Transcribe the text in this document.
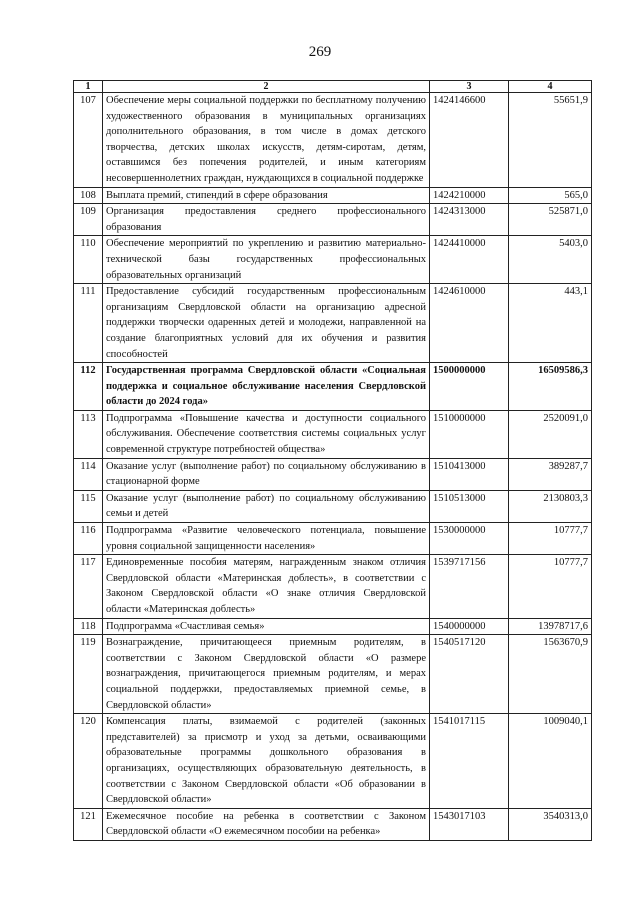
269
1	2	3	4
107	Обеспечение меры социальной поддержки по бесплатному получению художественного образования в муниципальных организациях дополнительного образования, в том числе в домах детского творчества, детских школах искусств, детям-сиротам, детям, оставшимся без попечения родителей, и иным категориям несовершеннолетних граждан, нуждающихся в социальной поддержке	1424146600	55651,9
108	Выплата премий, стипендий в сфере образования	1424210000	565,0
109	Организация предоставления среднего профессионального образования	1424313000	525871,0
110	Обеспечение мероприятий по укреплению и развитию материально-технической базы государственных профессиональных образовательных организаций	1424410000	5403,0
111	Предоставление субсидий государственным профессиональным организациям Свердловской области на организацию адресной поддержки творчески одаренных детей и молодежи, направленной на создание благоприятных условий для их обучения и развития способностей	1424610000	443,1
112	Государственная программа Свердловской области «Социальная поддержка и социальное обслуживание населения Свердловской области до 2024 года»	1500000000	16509586,3
113	Подпрограмма «Повышение качества и доступности социального обслуживания. Обеспечение соответствия системы социальных услуг современной структуре потребностей общества»	1510000000	2520091,0
114	Оказание услуг (выполнение работ) по социальному обслуживанию в стационарной форме	1510413000	389287,7
115	Оказание услуг (выполнение работ) по социальному обслуживанию семьи и детей	1510513000	2130803,3
116	Подпрограмма «Развитие человеческого потенциала, повышение уровня социальной защищенности населения»	1530000000	10777,7
117	Единовременные пособия матерям, награжденным знаком отличия Свердловской области «Материнская доблесть», в соответствии с Законом Свердловской области «О знаке отличия Свердловской области «Материнская доблесть»	1539717156	10777,7
118	Подпрограмма «Счастливая семья»	1540000000	13978717,6
119	Вознаграждение, причитающееся приемным родителям, в соответствии с Законом Свердловской области «О размере вознаграждения, причитающегося приемным родителям, и мерах социальной поддержки, предоставляемых приемной семье, в Свердловской области»	1540517120	1563670,9
120	Компенсация платы, взимаемой с родителей (законных представителей) за присмотр и уход за детьми, осваивающими образовательные программы дошкольного образования в организациях, осуществляющих образовательную деятельность, в соответствии с Законом Свердловской области «Об образовании в Свердловской области»	1541017115	1009040,1
121	Ежемесячное пособие на ребенка в соответствии с Законом Свердловской области «О ежемесячном пособии на ребенка»	1543017103	3540313,0
